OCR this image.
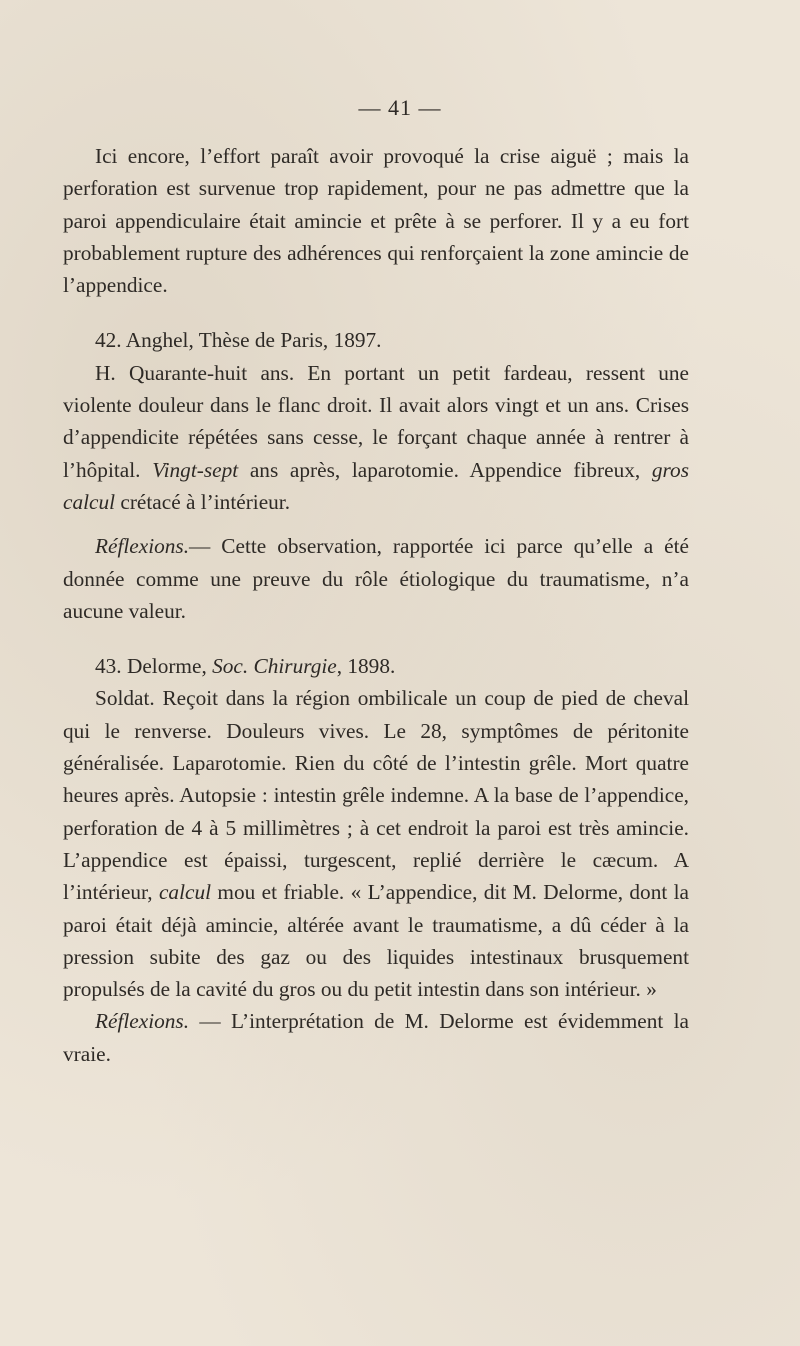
— 41 —

Ici encore, l’effort paraît avoir provoqué la crise aiguë ; mais la perforation est survenue trop rapidement, pour ne pas admettre que la paroi appendiculaire était amincie et prête à se perforer. Il y a eu fort probablement rupture des adhérences qui renforçaient la zone amincie de l’appendice.

42. Anghel, Thèse de Paris, 1897.

H. Quarante-huit ans. En portant un petit fardeau, ressent une violente douleur dans le flanc droit. Il avait alors vingt et un ans. Crises d’appendicite répétées sans cesse, le forçant chaque année à rentrer à l’hôpital. Vingt-sept ans après, laparotomie. Appendice fibreux, gros calcul crétacé à l’intérieur.

Réflexions.— Cette observation, rapportée ici parce qu’elle a été donnée comme une preuve du rôle étiologique du traumatisme, n’a aucune valeur.

43. Delorme, Soc. Chirurgie, 1898.

Soldat. Reçoit dans la région ombilicale un coup de pied de cheval qui le renverse. Douleurs vives. Le 28, symptômes de péritonite généralisée. Laparotomie. Rien du côté de l’intestin grêle. Mort quatre heures après. Autopsie : intestin grêle indemne. A la base de l’appendice, perforation de 4 à 5 millimètres ; à cet endroit la paroi est très amincie. L’appendice est épaissi, turgescent, replié derrière le cæcum. A l’intérieur, calcul mou et friable. « L’appendice, dit M. Delorme, dont la paroi était déjà amincie, altérée avant le traumatisme, a dû céder à la pression subite des gaz ou des liquides intestinaux brusquement propulsés de la cavité du gros ou du petit intestin dans son intérieur. »

Réflexions. — L’interprétation de M. Delorme est évidemment la vraie.
